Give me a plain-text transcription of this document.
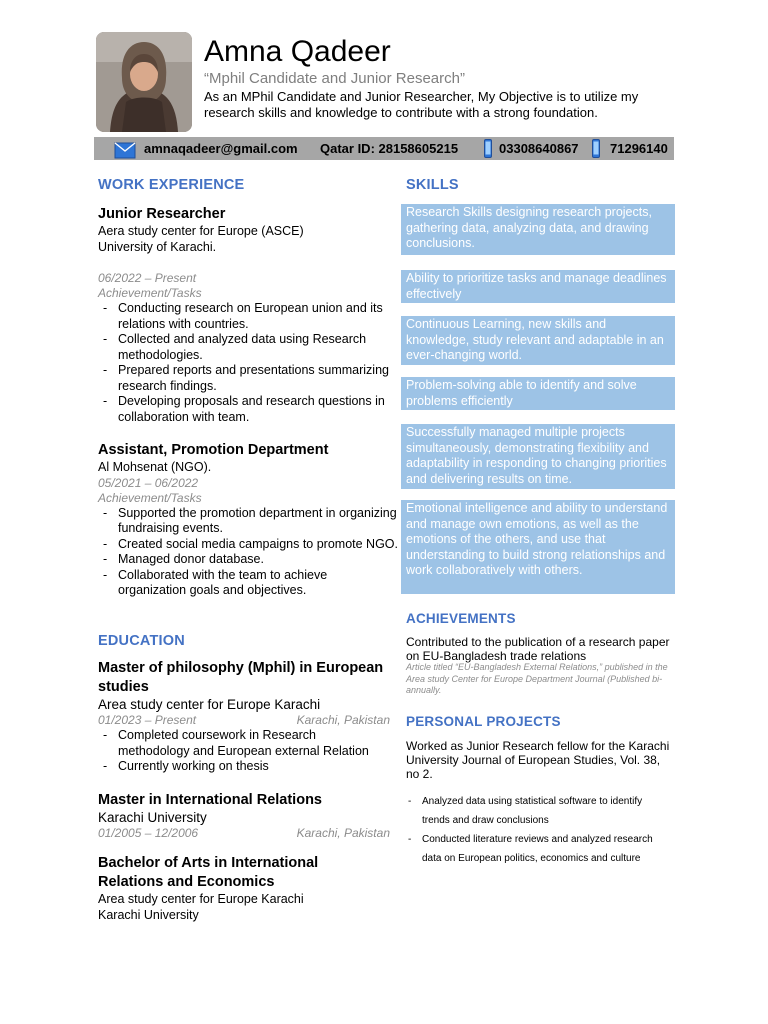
Amna Qadeer
“Mphil Candidate and Junior Research”
As an MPhil Candidate and Junior Researcher, My Objective is to utilize my research skills and knowledge to contribute with a strong foundation.
amnaqadeer@gmail.com Qatar ID: 28158605215	03308640867 71296140
WORK EXPERIENCE
Junior Researcher
Aera study center for Europe (ASCE)
University of Karachi.
06/2022 – Present
Achievement/Tasks
- Conducting research on European union and its relations with countries.
- Collected and analyzed data using Research methodologies.
- Prepared reports and presentations summarizing research findings.
- Developing proposals and research questions in collaboration with team.
Assistant, Promotion Department
Al Mohsenat (NGO).
05/2021 – 06/2022
Achievement/Tasks
- Supported the promotion department in organizing fundraising events.
- Created social media campaigns to promote NGO.
- Managed donor database.
- Collaborated with the team to achieve organization goals and objectives.
EDUCATION
Master of philosophy (Mphil) in European studies
Area study center for Europe Karachi
01/2023 – Present	Karachi, Pakistan
- Completed coursework in Research methodology and European external Relation
- Currently working on thesis
Master in International Relations
Karachi University
01/2005 – 12/2006	Karachi, Pakistan
Bachelor of Arts in International Relations and Economics
Area study center for Europe Karachi
Karachi University
SKILLS
Research Skills designing research projects, gathering data, analyzing data, and drawing conclusions.
Ability to prioritize tasks and manage deadlines effectively
Continuous Learning, new skills and knowledge, study relevant and adaptable in an ever-changing world.
Problem-solving able to identify and solve problems efficiently
Successfully managed multiple projects simultaneously, demonstrating flexibility and adaptability in responding to changing priorities and delivering results on time.
Emotional intelligence and ability to understand and manage own emotions, as well as the emotions of the others, and use that understanding to build strong relationships and work collaboratively with others.
ACHIEVEMENTS
Contributed to the publication of a research paper on EU-Bangladesh trade relations
Article titled “EU-Bangladesh External Relations,” published in the Area study Center for Europe Department Journal (Published bi-annually.
PERSONAL PROJECTS
Worked as Junior Research fellow for the Karachi University Journal of European Studies, Vol. 38, no 2.
- Analyzed data using statistical software to identify trends and draw conclusions
- Conducted literature reviews and analyzed research data on European politics, economics and culture
